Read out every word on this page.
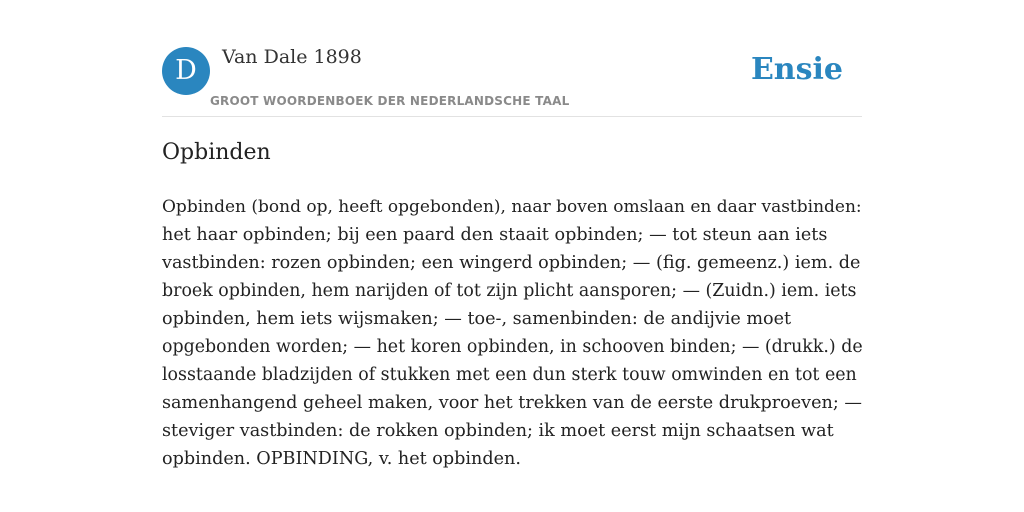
D	Van Dale 1898
GROOT WOORDENBOEK DER NEDERLANDSCHE TAAL
Ensie
Opbinden

Opbinden (bond op, heeft opgebonden), naar boven omslaan en daar vastbinden:
het haar opbinden; bij een paard den staait opbinden; — tot steun aan iets
vastbinden: rozen opbinden; een wingerd opbinden; — (fig. gemeenz.) iem. de
broek opbinden, hem narijden of tot zijn plicht aansporen; — (Zuidn.) iem. iets
opbinden, hem iets wijsmaken; — toe-, samenbinden: de andijvie moet
opgebonden worden; — het koren opbinden, in schooven binden; — (drukk.) de
losstaande bladzijden of stukken met een dun sterk touw omwinden en tot een
samenhangend geheel maken, voor het trekken van de eerste drukproeven; —
steviger vastbinden: de rokken opbinden; ik moet eerst mijn schaatsen wat
opbinden. OPBINDING, v. het opbinden.
